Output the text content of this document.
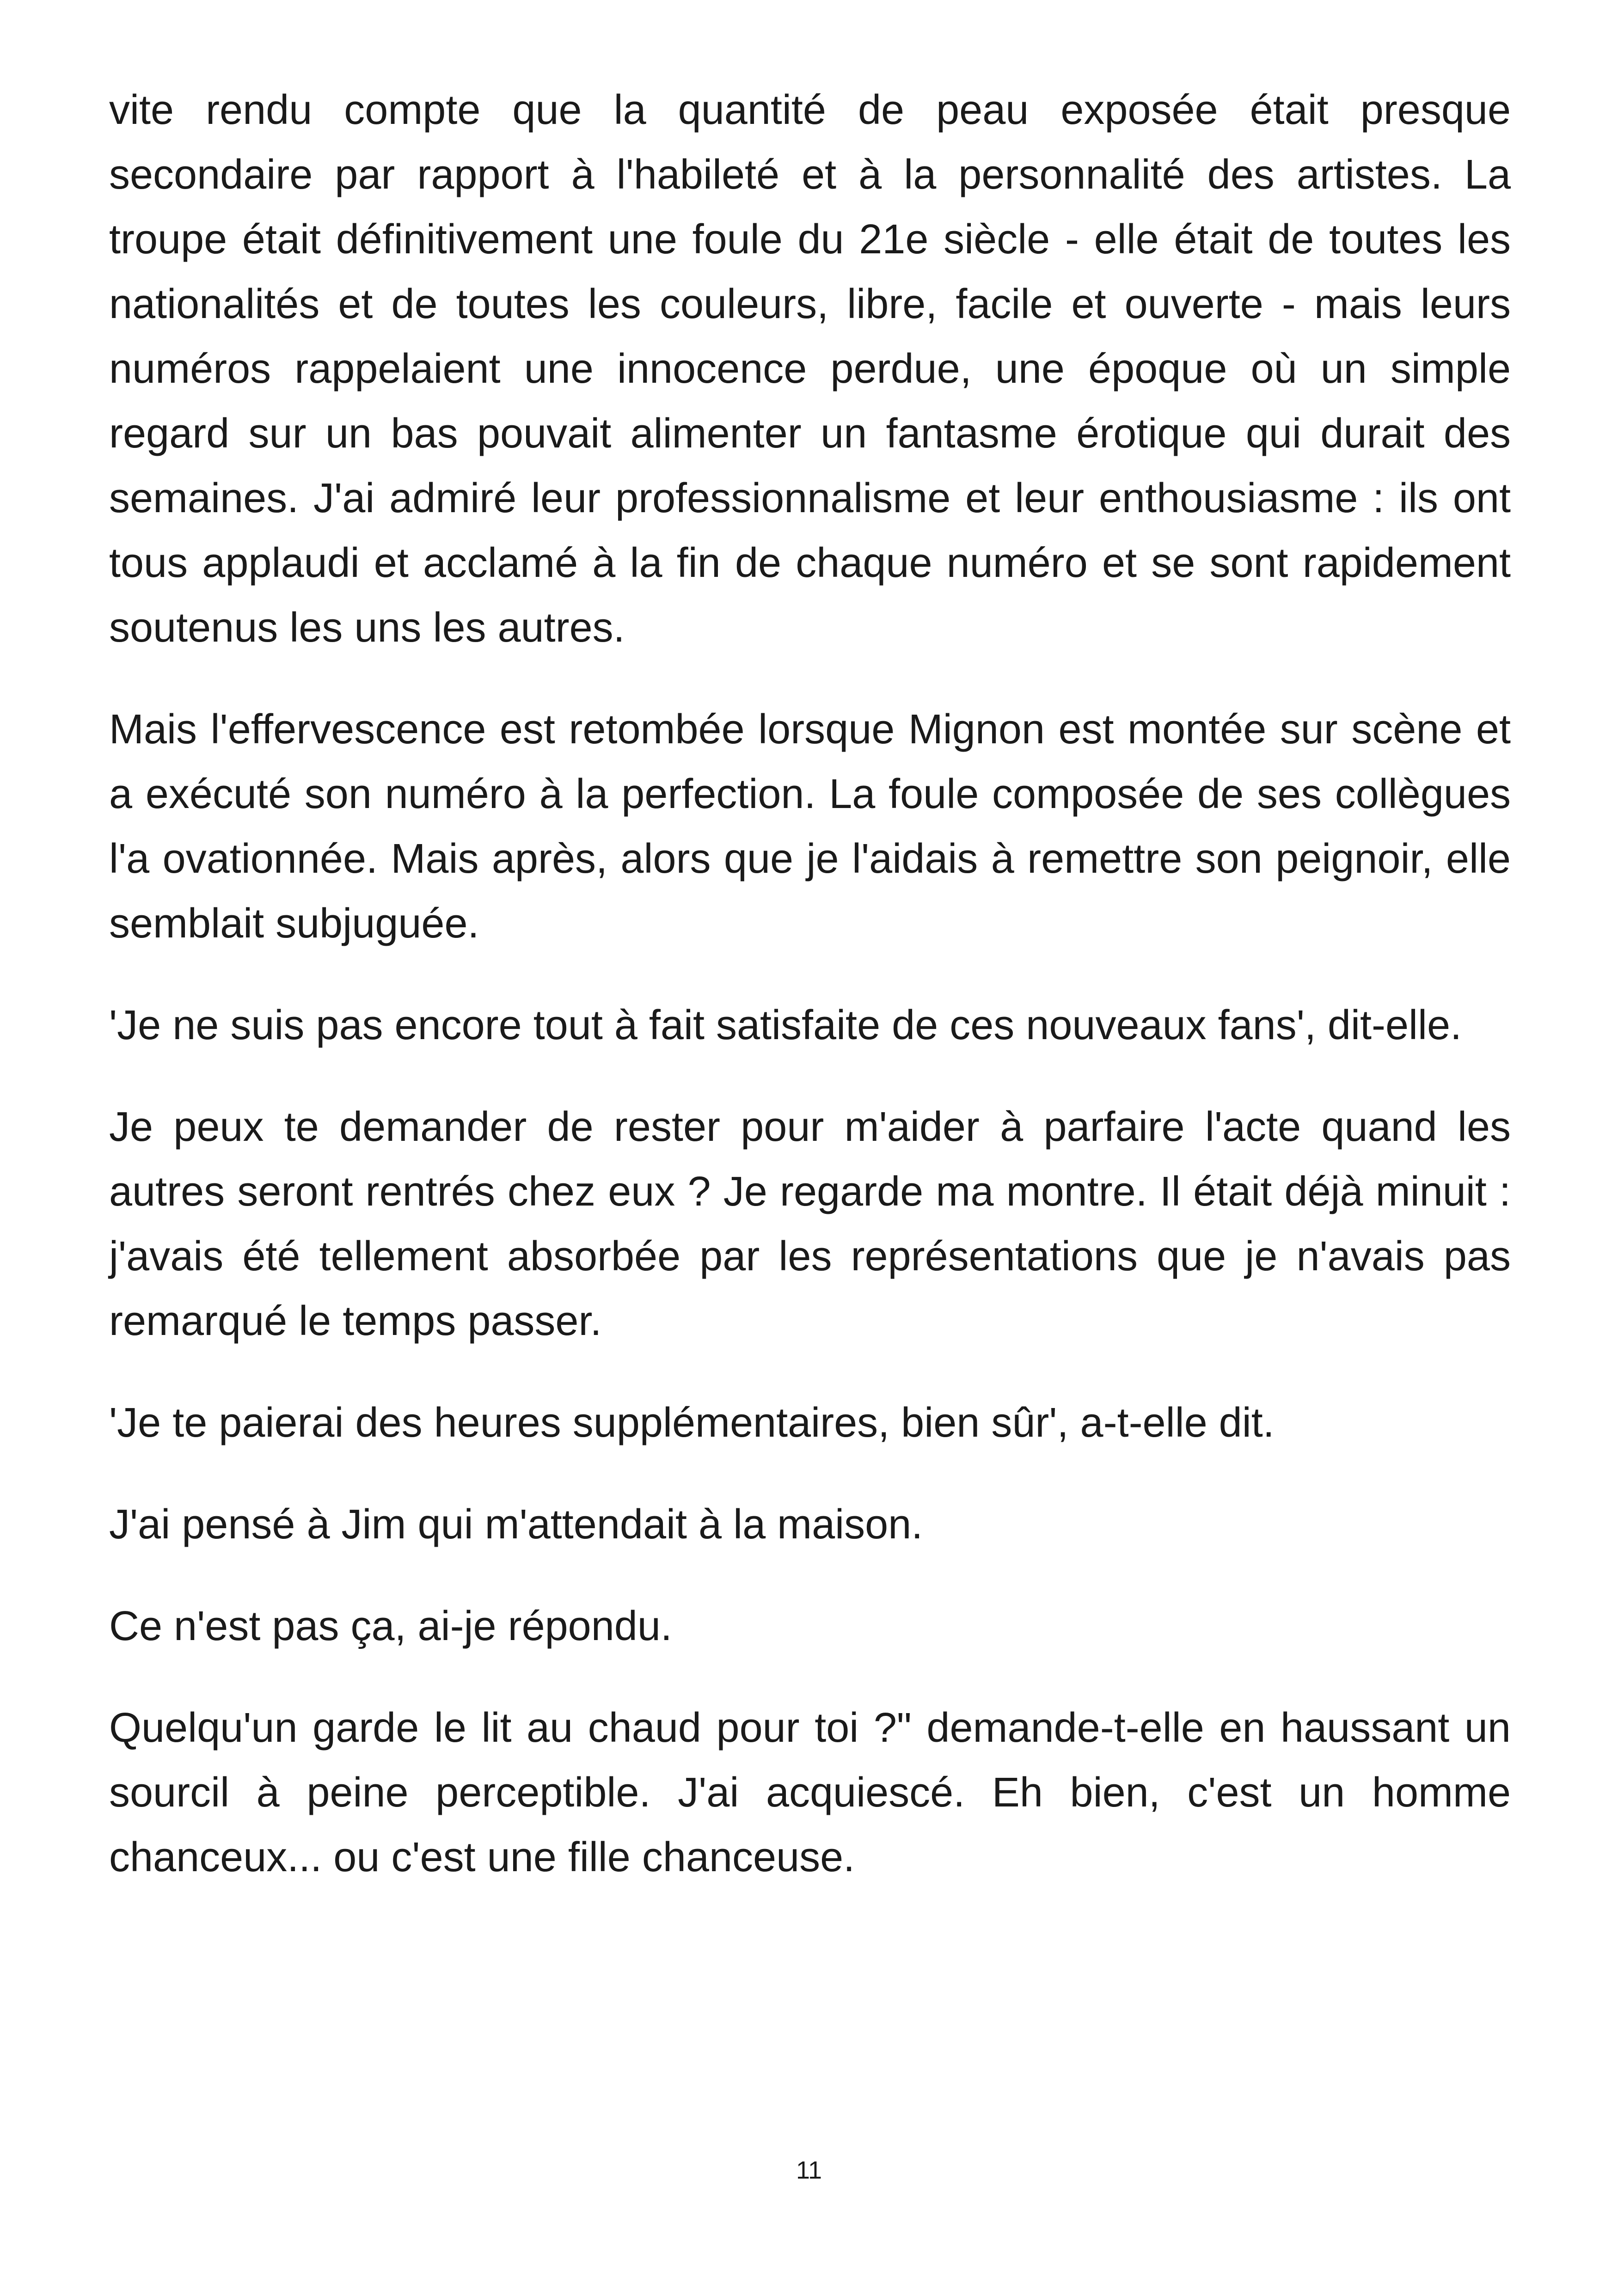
vite rendu compte que la quantité de peau exposée était presque secondaire par rapport à l'habileté et à la personnalité des artistes. La troupe était définitivement une foule du 21e siècle - elle était de toutes les nationalités et de toutes les couleurs, libre, facile et ouverte - mais leurs numéros rappelaient une innocence perdue, une époque où un simple regard sur un bas pouvait alimenter un fantasme érotique qui durait des semaines. J'ai admiré leur professionnalisme et leur enthousiasme : ils ont tous applaudi et acclamé à la fin de chaque numéro et se sont rapidement soutenus les uns les autres.

Mais l'effervescence est retombée lorsque Mignon est montée sur scène et a exécuté son numéro à la perfection. La foule composée de ses collègues l'a ovationnée. Mais après, alors que je l'aidais à remettre son peignoir, elle semblait subjuguée.

'Je ne suis pas encore tout à fait satisfaite de ces nouveaux fans', dit-elle.

Je peux te demander de rester pour m'aider à parfaire l'acte quand les autres seront rentrés chez eux ? Je regarde ma montre. Il était déjà minuit : j'avais été tellement absorbée par les représentations que je n'avais pas remarqué le temps passer.

'Je te paierai des heures supplémentaires, bien sûr', a-t-elle dit.

J'ai pensé à Jim qui m'attendait à la maison.

Ce n'est pas ça, ai-je répondu.

Quelqu'un garde le lit au chaud pour toi ?" demande-t-elle en haussant un sourcil à peine perceptible. J'ai acquiescé. Eh bien, c'est un homme chanceux... ou c'est une fille chanceuse.

11
